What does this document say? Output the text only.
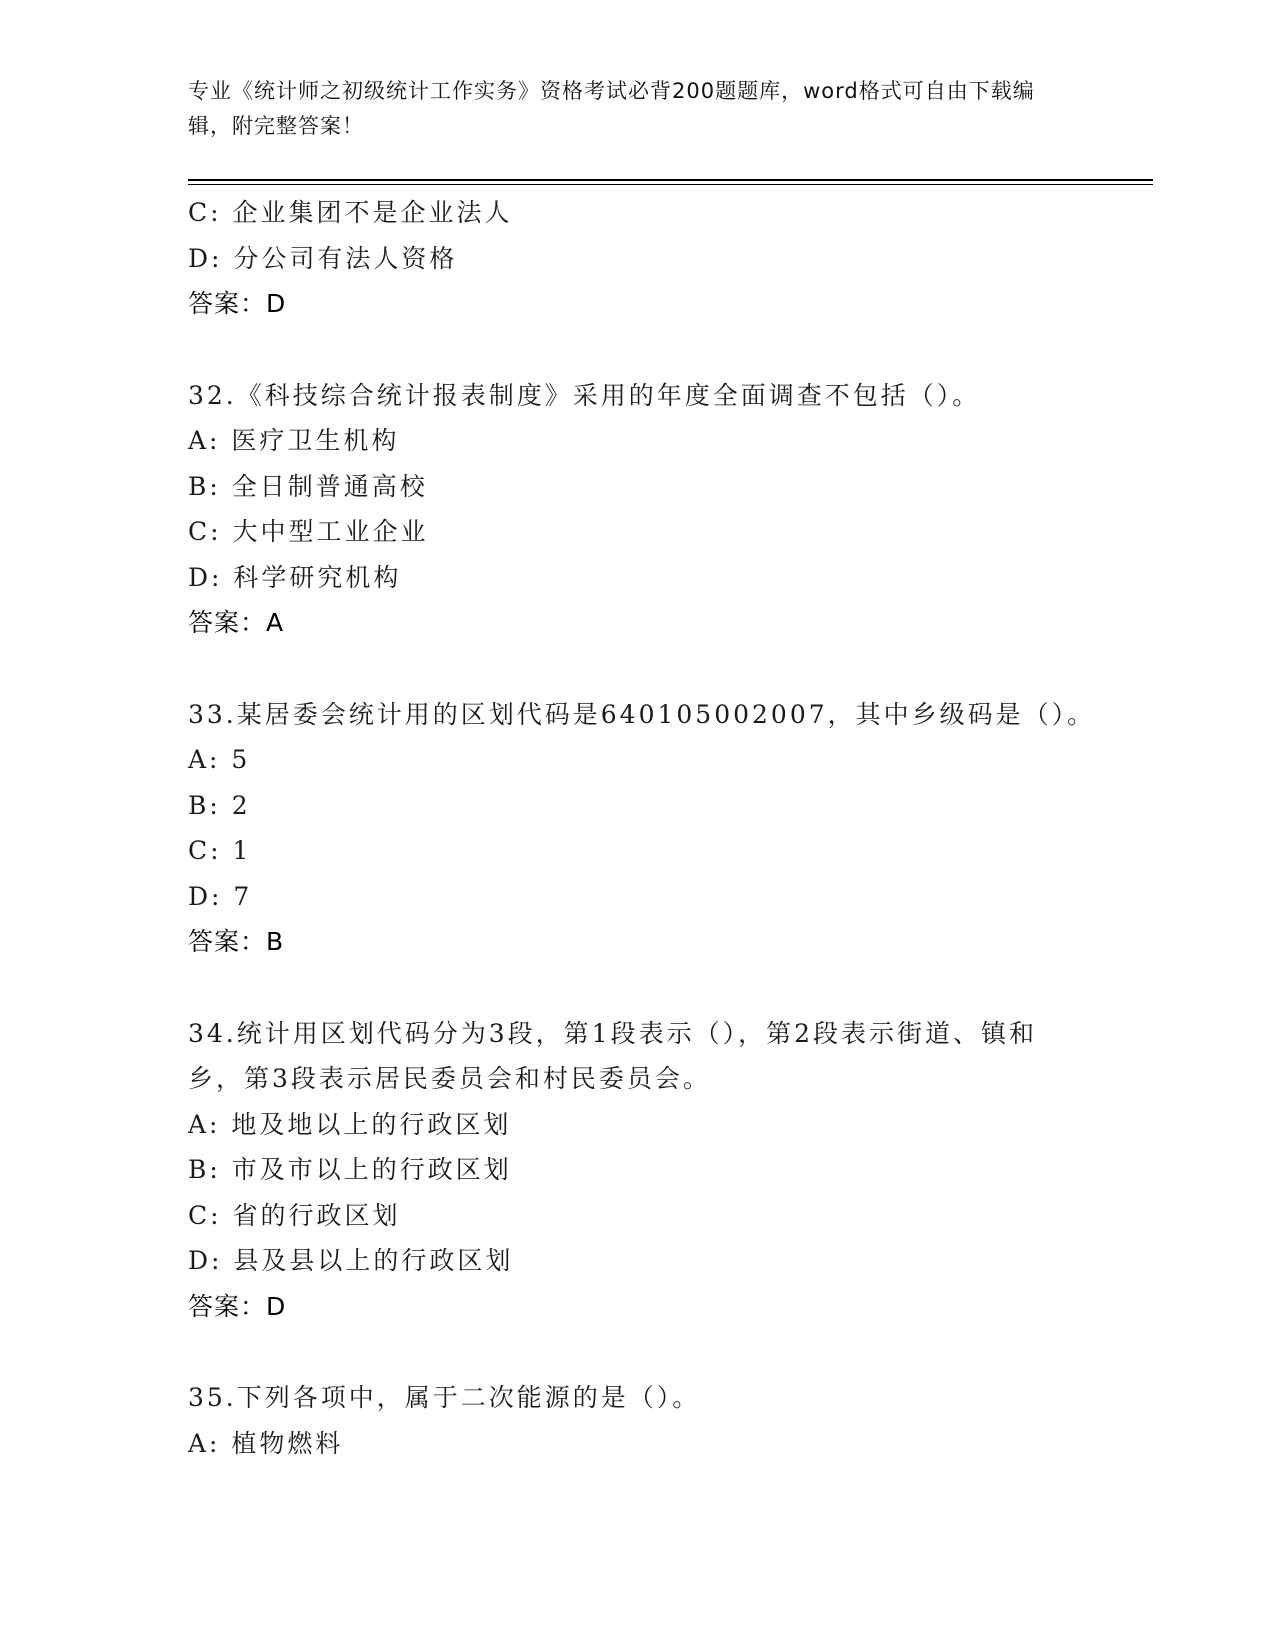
专业《统计师之初级统计工作实务》资格考试必背200题题库，word格式可自由下载编辑，附完整答案！
C: 企业集团不是企业法人
D: 分公司有法人资格
答案：D
32.《科技综合统计报表制度》采用的年度全面调查不包括（）。
A: 医疗卫生机构
B: 全日制普通高校
C: 大中型工业企业
D: 科学研究机构
答案：A
33.某居委会统计用的区划代码是640105002007，其中乡级码是（）。
A: 5
B: 2
C: 1
D: 7
答案：B
34.统计用区划代码分为3段，第1段表示（），第2段表示街道、镇和乡，第3段表示居民委员会和村民委员会。
A: 地及地以上的行政区划
B: 市及市以上的行政区划
C: 省的行政区划
D: 县及县以上的行政区划
答案：D
35.下列各项中，属于二次能源的是（）。
A: 植物燃料
